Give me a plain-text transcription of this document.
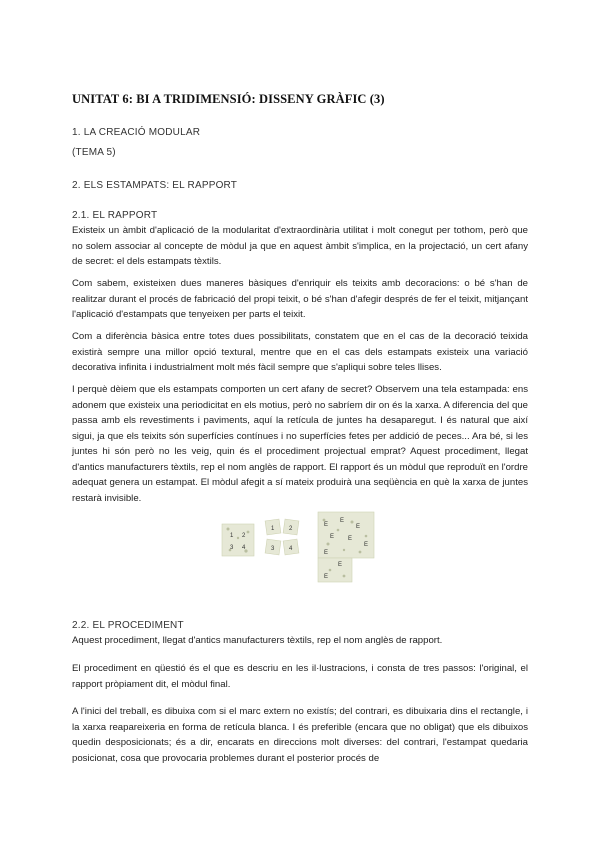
UNITAT 6: BI A TRIDIMENSIÓ: DISSENY GRÀFIC (3)
1. LA CREACIÓ MODULAR
(TEMA 5)
2. ELS ESTAMPATS: EL RAPPORT
2.1. EL RAPPORT
Existeix un àmbit d'aplicació de la modularitat d'extraordinària utilitat i molt conegut per tothom, però que no solem associar al concepte de mòdul ja que en aquest àmbit s'implica, en la projectació, un cert afany de secret: el dels estampats tèxtils.
Com sabem, existeixen dues maneres bàsiques d'enriquir els teixits amb decoracions: o bé s'han de realitzar durant el procés de fabricació del propi teixit, o bé s'han d'afegir després de fer el teixit, mitjançant l'aplicació d'estampats que tenyeixen per parts el teixit.
Com a diferència bàsica entre totes dues possibilitats, constatem que en el cas de la decoració teixida existirà sempre una millor opció textural, mentre que en el cas dels estampats existeix una variació decorativa infinita i industrialment molt més fàcil sempre que s'apliqui sobre teles llises.
I perquè dèiem que els estampats comporten un cert afany de secret? Observem una tela estampada: ens adonem que existeix una periodicitat en els motius, però no sabríem dir on és la xarxa. A diferencia del que passa amb els revestiments i paviments, aquí la retícula de juntes ha desaparegut. I és natural que així sigui, ja que els teixits són superfícies contínues i no superfícies fetes per addició de peces... Ara bé, si les juntes hi són però no les veig, quin és el procediment projectual emprat? Aquest procediment, llegat d'antics manufacturers tèxtils, rep el nom anglès de rapport. El rapport és un mòdul que reproduït en l'ordre adequat genera un estampat. El mòdul afegit a sí mateix produirà una seqüència en què la xarxa de juntes restarà invisible.
1 2
3 4
1 2
3 4
E
E
E
E E
E
E
E
E
2.2. EL PROCEDIMENT
Aquest procediment, llegat d'antics manufacturers tèxtils, rep el nom anglès de rapport.
El procediment en qüestió és el que es descriu en les il·lustracions, i consta de tres passos: l'original, el rapport pròpiament dit, el mòdul final.
A l'inici del treball, es dibuixa com si el marc extern no existís; del contrari, es dibuixaria dins el rectangle, i la xarxa reapareixeria en forma de retícula blanca. I és preferible (encara que no obligat) que els dibuixos quedin desposicionats; és a dir, encarats en direccions molt diverses: del contrari, l'estampat quedaria posicionat, cosa que provocaria problemes durant el posterior procés de
